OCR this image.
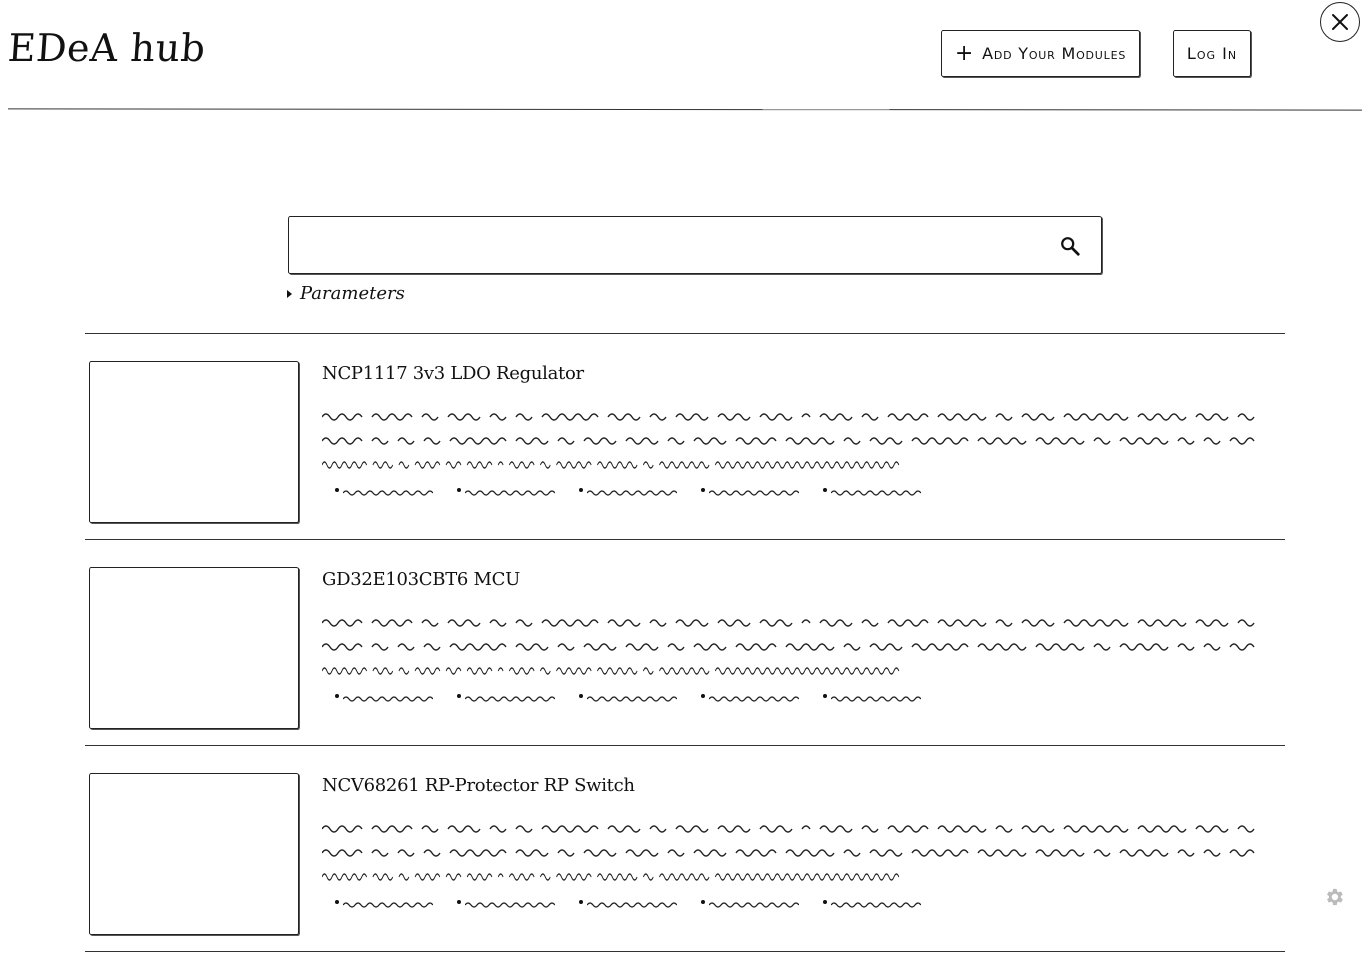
EDeA hub	+ Add Your Modules	Log In
Parameters
NCP1117 3v3 LDO Regulator

GD32E103CBT6 MCU

NCV68261 RP-Protector RP Switch
